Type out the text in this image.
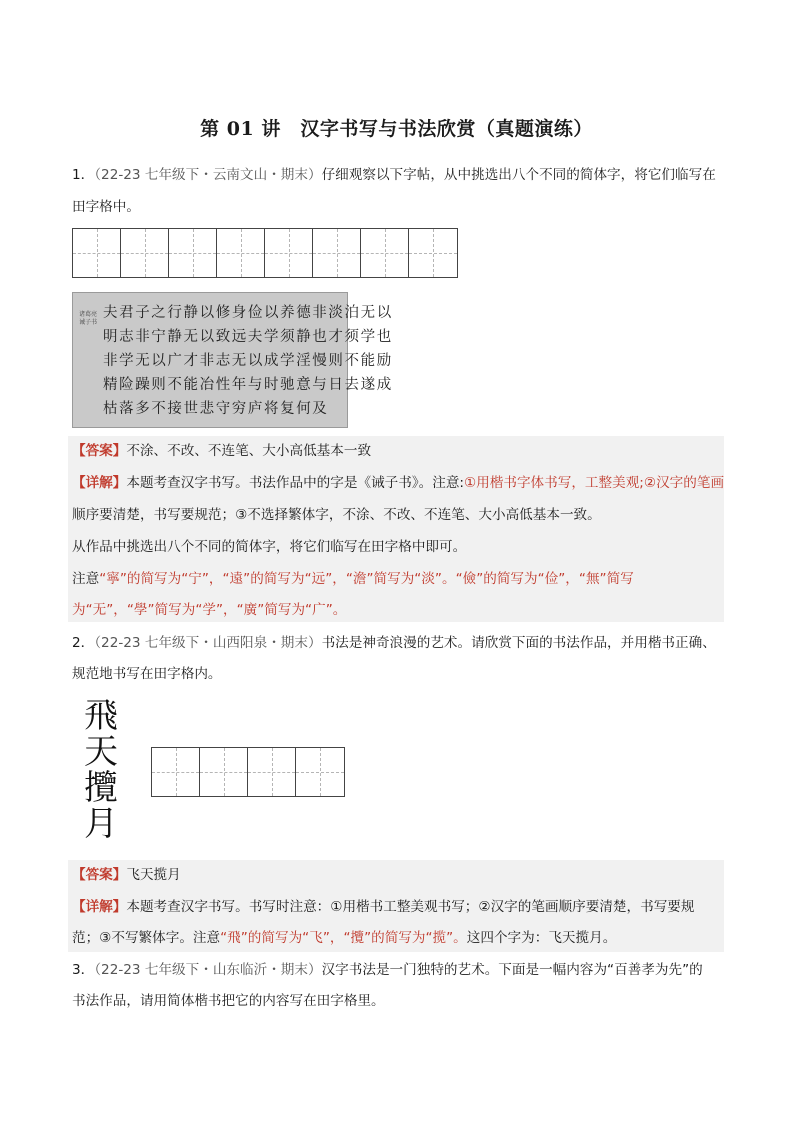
第 01 讲　汉字书写与书法欣赏（真题演练）
1．（22-23 七年级下・云南文山・期末）仔细观察以下字帖，从中挑选出八个不同的简体字，将它们临写在
田字格中。
诸葛亮诫子书
夫君子之行静以修身俭以养德非淡泊无以
明志非宁静无以致远夫学须静也才须学也
非学无以广才非志无以成学淫慢则不能励
精险躁则不能冶性年与时驰意与日去遂成
枯落多不接世悲守穷庐将复何及
【答案】不涂、不改、不连笔、大小高低基本一致
【详解】本题考查汉字书写。书法作品中的字是《诫子书》。注意:①用楷书字体书写，工整美观;②汉字的笔画
顺序要清楚，书写要规范；③不选择繁体字，不涂、不改、不连笔、大小高低基本一致。
从作品中挑选出八个不同的简体字，将它们临写在田字格中即可。
注意“寧”的简写为“宁”，“遠”的简写为“远”，“澹”简写为“淡”。“儉”的简写为“俭”，“無”简写
为“无”，“學”简写为“学”，“廣”简写为“广”。
2．（22-23 七年级下・山西阳泉・期末）书法是神奇浪漫的艺术。请欣赏下面的书法作品，并用楷书正确、
规范地书写在田字格内。
飛
天
攬
月
【答案】飞天揽月
【详解】本题考查汉字书写。书写时注意：①用楷书工整美观书写；②汉字的笔画顺序要清楚，书写要规
范；③不写繁体字。注意“飛”的简写为“飞”，“攬”的简写为“揽”。这四个字为：飞天揽月。
3．（22-23 七年级下・山东临沂・期末）汉字书法是一门独特的艺术。下面是一幅内容为“百善孝为先”的
书法作品，请用简体楷书把它的内容写在田字格里。
